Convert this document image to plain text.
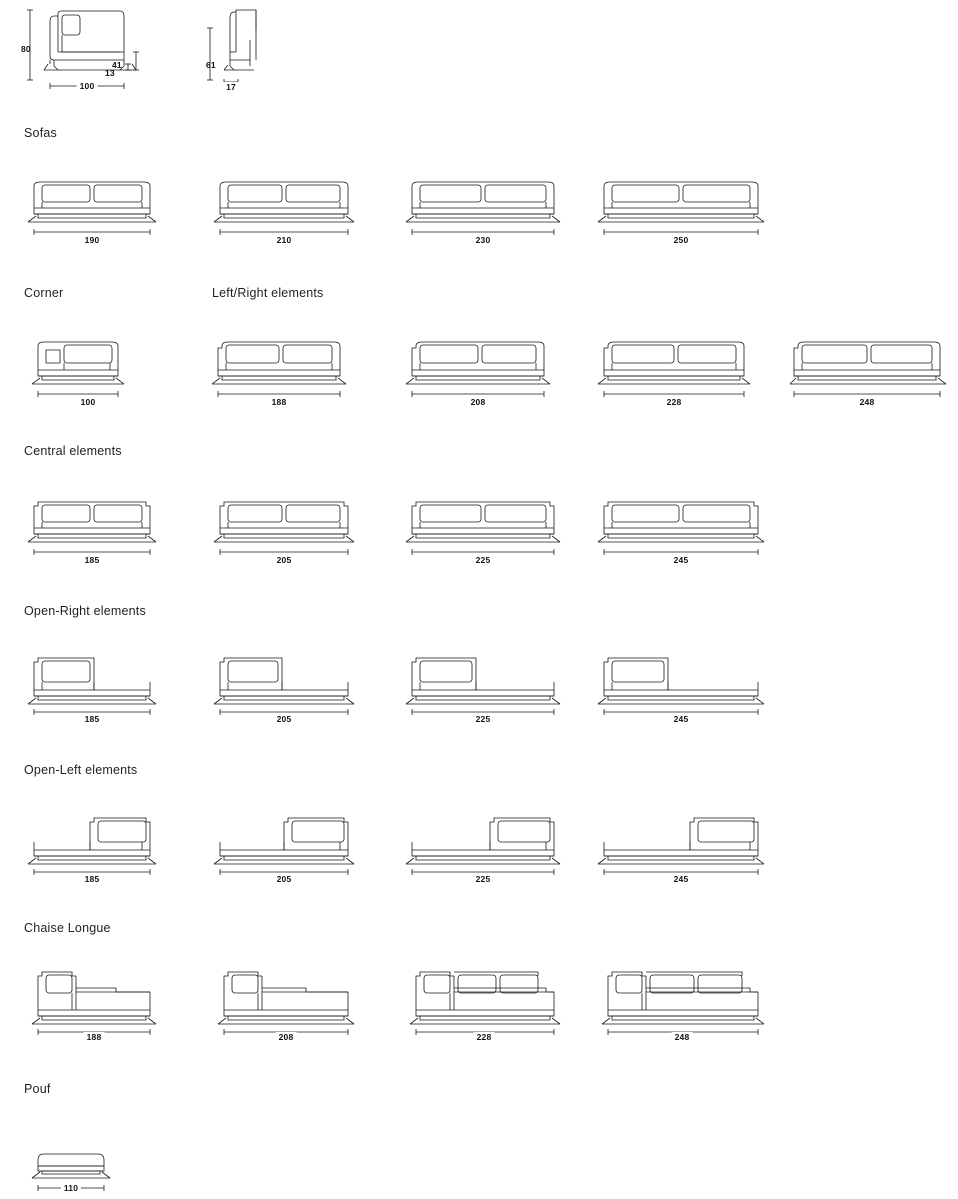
80
41
13
100
61
17
Sofas
190	210	230	250
Corner	Left/Right elements
100	188	208	228	248
Central elements
185	205	225	245
Open-Right elements
185	205	225	245
Open-Left elements
185	205	225	245
Chaise Longue
188	208	228	248
Pouf
110
